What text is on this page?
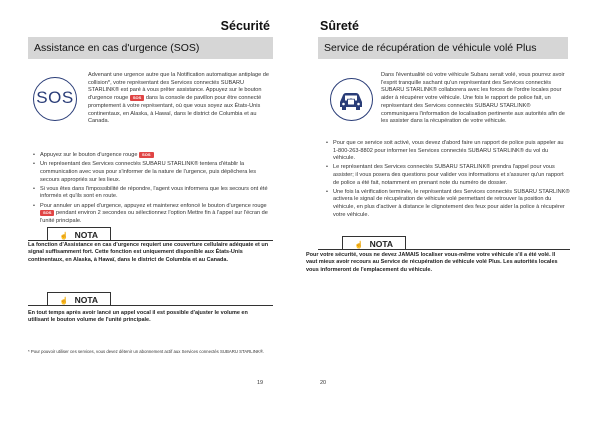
Sécurité
Assistance en cas d'urgence (SOS)
SOS

Advenant une urgence autre que la Notification automatique antiplage de collision*, votre représentant des Services connectés SUBARU STARLINK® est paré à vous prêter assistance. Appuyez sur le bouton d'urgence rouge SOS dans la console de pavillon pour être connecté promptement à votre représentant, où que vous soyez aux États-Unis continentaux, en Alaska, à Hawaï, dans le district de Columbia et au Canada.

• Appuyez sur le bouton d'urgence rouge SOS
• Un représentant des Services connectés SUBARU STARLINK® tentera d'établir la communication avec vous pour s'informer de la nature de l'urgence, puis dépêchera les secours appropriés sur les lieux.
• Si vous êtes dans l'impossibilité de répondre, l'agent vous informera que les secours ont été informés et qu'ils sont en route.
• Pour annuler un appel d'urgence, appuyez et maintenez enfoncé le bouton d'urgence rouge SOS pendant environ 2 secondes ou sélectionnez l'option Mettre fin à l'appel sur l'écran de l'unité principale.
☝ NOTA

La fonction d'Assistance en cas d'urgence requiert une couverture cellulaire adéquate et un signal suffisamment fort. Cette fonction est uniquement disponible aux États-Unis continentaux, en Alaska, à Hawaï, dans le district de Columbia et au Canada.

☝ NOTA

En tout temps après avoir lancé un appel vocal il est possible d'ajuster le volume en utilisant le bouton volume de l'unité principale.

* Pour pouvoir utiliser ces services, vous devez détenir un abonnement actif aux Services connectés SUBARU STARLINK®.

19

Sûreté
Service de récupération de véhicule volé Plus

Dans l'éventualité où votre véhicule Subaru serait volé, vous pourrez avoir l'esprit tranquille sachant qu'un représentant des Services connectés SUBARU STARLINK® collaborera avec les forces de l'ordre locales pour aider à récupérer votre véhicule. Une fois le rapport de police fait, un représentant des Services connectés SUBARU STARLINK® communiquera l'information de localisation pertinente aux autorités afin de les assister dans la récupération de votre véhicule.

• Pour que ce service soit activé, vous devez d'abord faire un rapport de police puis appeler au 1-800-263-8802 pour informer les Services connectés SUBARU STARLINK® du vol du véhicule.
• Le représentant des Services connectés SUBARU STARLINK® prendra l'appel pour vous assister; il vous posera des questions pour valider vos informations et s'assurer qu'un rapport de police a été fait, notamment en prenant note du numéro de dossier.
• Une fois la vérification terminée, le représentant des Services connectés SUBARU STARLINK® activera le signal de récupération de véhicule volé permettant de retrouver la position du véhicule, en plus d'activer à distance le clignotement des feux pour aider la police à récupérer votre véhicule.
☝ NOTA

Pour votre sécurité, vous ne devez JAMAIS localiser vous-même votre véhicule s'il a été volé. Il vaut mieux avoir recours au Service de récupération de véhicule volé Plus. Les autorités locales vous informeront de l'emplacement du véhicule.

20
